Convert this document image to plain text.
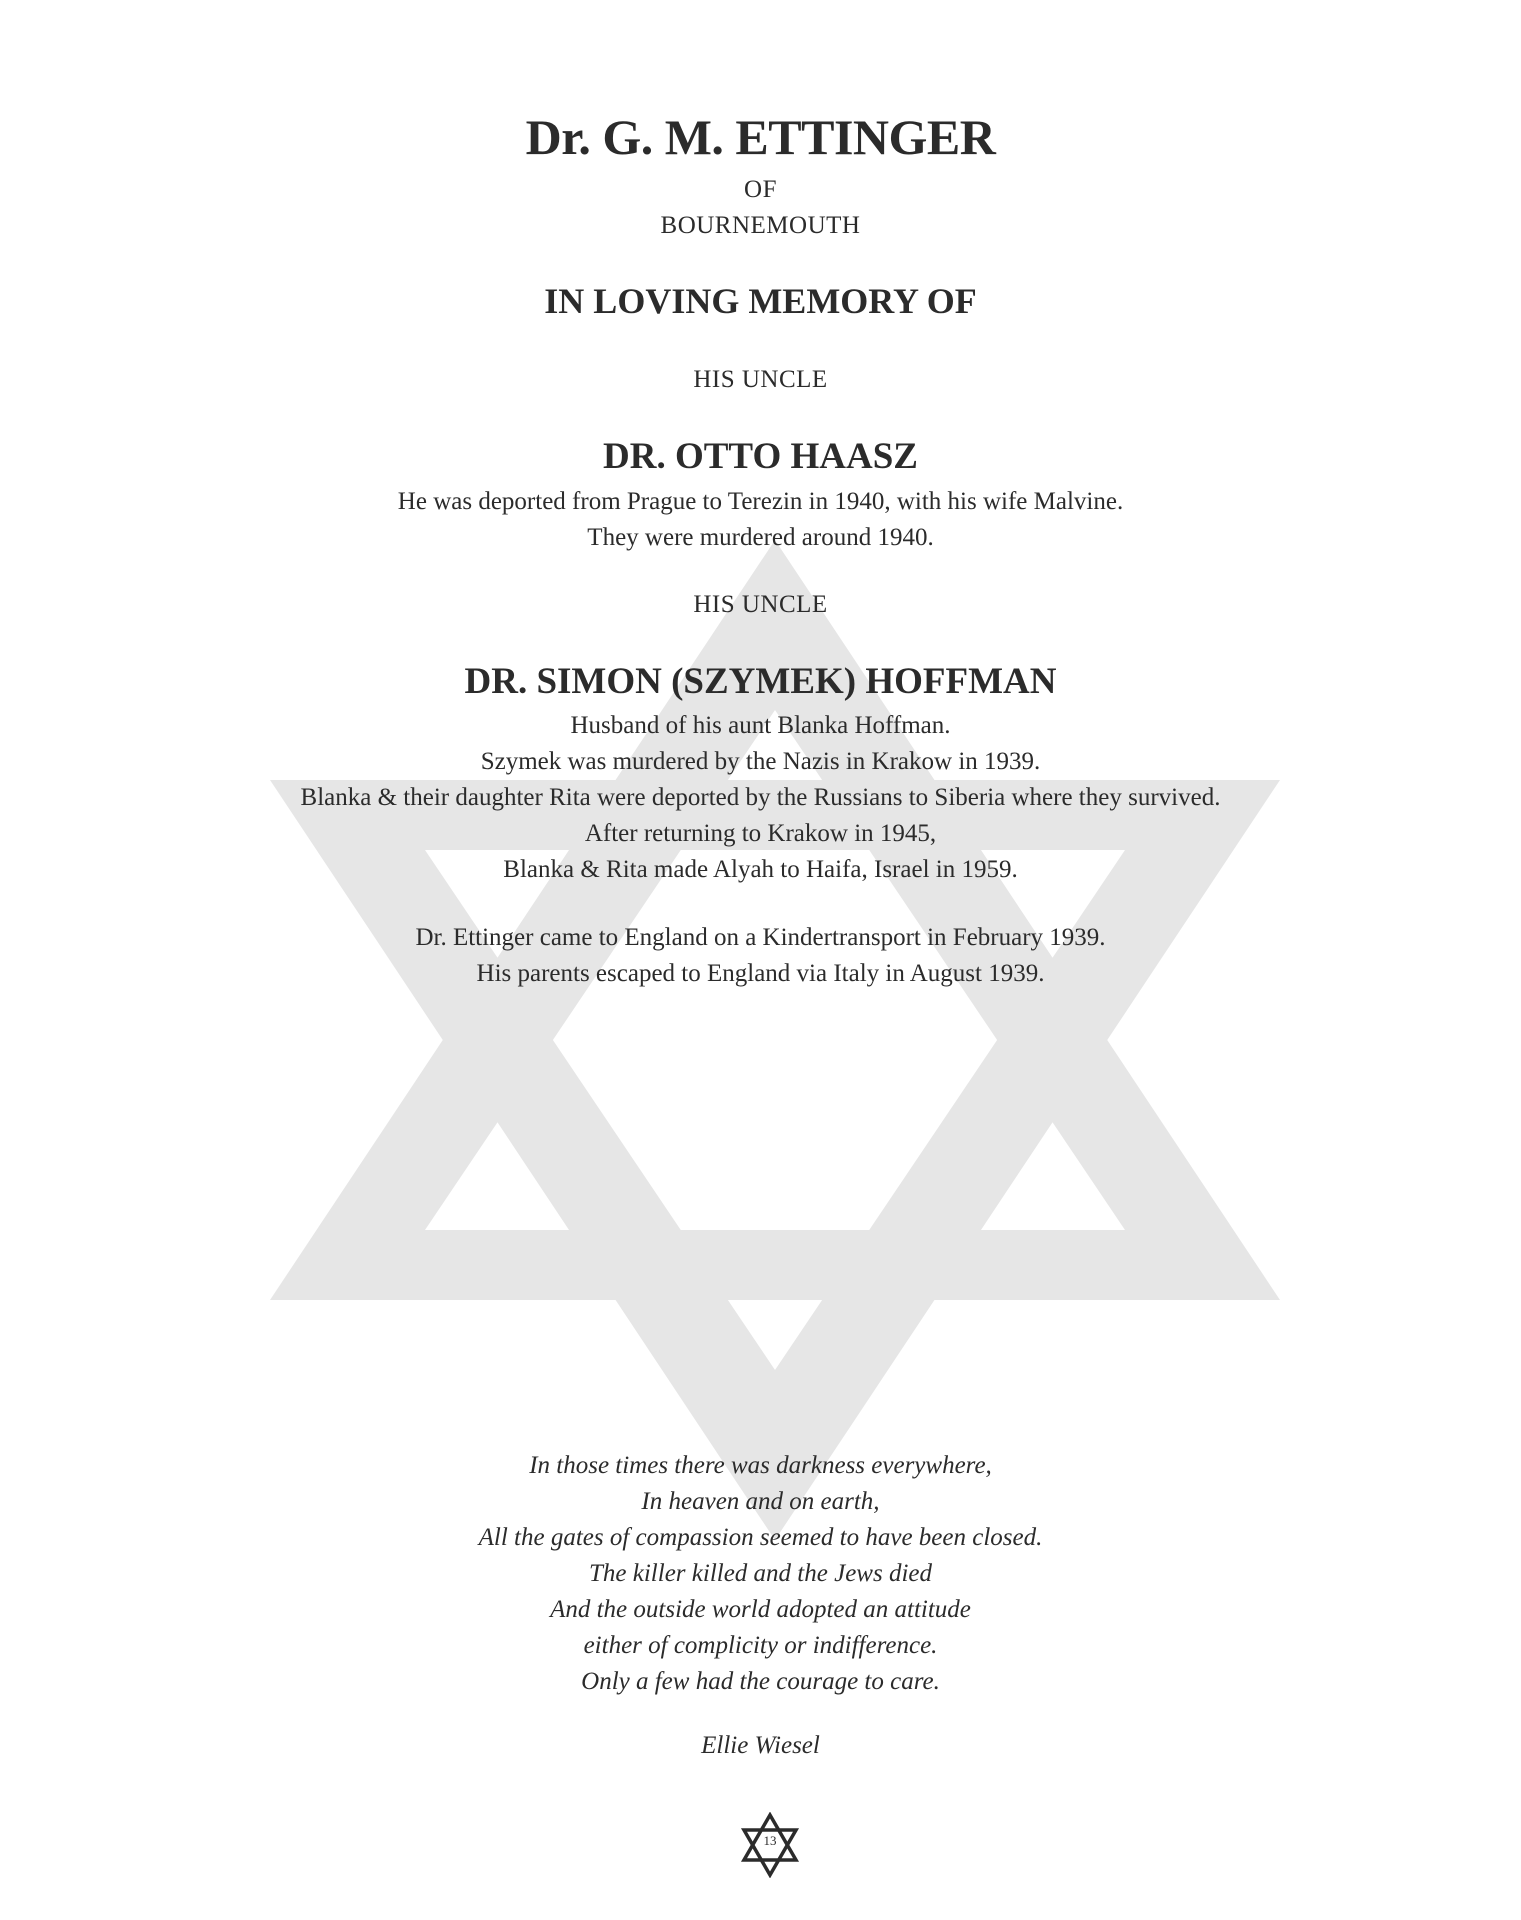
Dr. G. M. ETTINGER
OF
BOURNEMOUTH
IN LOVING MEMORY OF
HIS UNCLE
DR. OTTO HAASZ
He was deported from Prague to Terezin in 1940, with his wife Malvine.
They were murdered around 1940.
HIS UNCLE
DR. SIMON (SZYMEK) HOFFMAN
Husband of his aunt Blanka Hoffman.
Szymek was murdered by the Nazis in Krakow in 1939.
Blanka & their daughter Rita were deported by the Russians to Siberia where they survived.
After returning to Krakow in 1945,
Blanka & Rita made Alyah to Haifa, Israel in 1959.
Dr. Ettinger came to England on a Kindertransport in February 1939.
His parents escaped to England via Italy in August 1939.
In those times there was darkness everywhere,
In heaven and on earth,
All the gates of compassion seemed to have been closed.
The killer killed and the Jews died
And the outside world adopted an attitude
either of complicity or indifference.
Only a few had the courage to care.
Ellie Wiesel
13
